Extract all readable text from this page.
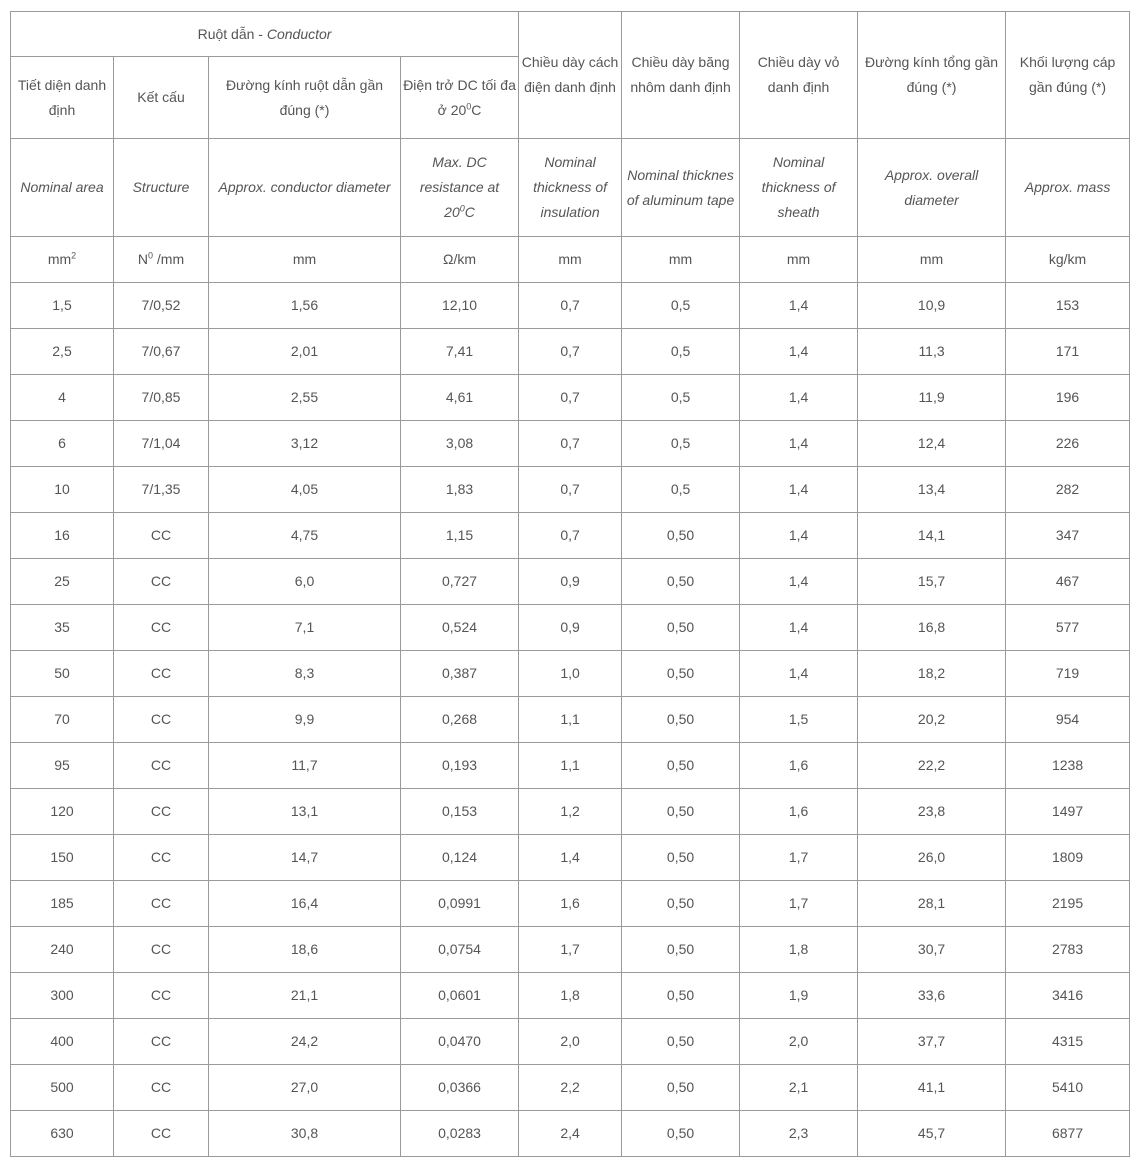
Ruột dẫn - Conductor				Chiều dày cách điện danh định	Chiều dày băng nhôm danh định	Chiều dày vỏ danh định	Đường kính tổng gần đúng (*)	Khối lượng cáp gần đúng (*)
Tiết diện danh định	Kết cấu	Đường kính ruột dẫn gần đúng (*)	Điện trở DC tối đa ở $20^0C$					
Nominal area	Structure	Approx. conductor diameter	Max. DC resistance at $20^0C$	Nominal thickness of insulation	Nominal thicknes of aluminum tape	Nominal thickness of sheath	Approx. overall diameter	Approx. mass
$mm^2$	$N^0$ /mm	mm	Ω/km	mm	mm	mm	mm	kg/km
1,5	7/0,52	1,56	12,10	0,7	0,5	1,4	10,9	153
2,5	7/0,67	2,01	7,41	0,7	0,5	1,4	11,3	171
4	7/0,85	2,55	4,61	0,7	0,5	1,4	11,9	196
6	7/1,04	3,12	3,08	0,7	0,5	1,4	12,4	226
10	7/1,35	4,05	1,83	0,7	0,5	1,4	13,4	282
16	CC	4,75	1,15	0,7	0,50	1,4	14,1	347
25	CC	6,0	0,727	0,9	0,50	1,4	15,7	467
35	CC	7,1	0,524	0,9	0,50	1,4	16,8	577
50	CC	8,3	0,387	1,0	0,50	1,4	18,2	719
70	CC	9,9	0,268	1,1	0,50	1,5	20,2	954
95	CC	11,7	0,193	1,1	0,50	1,6	22,2	1238
120	CC	13,1	0,153	1,2	0,50	1,6	23,8	1497
150	CC	14,7	0,124	1,4	0,50	1,7	26,0	1809
185	CC	16,4	0,0991	1,6	0,50	1,7	28,1	2195
240	CC	18,6	0,0754	1,7	0,50	1,8	30,7	2783
300	CC	21,1	0,0601	1,8	0,50	1,9	33,6	3416
400	CC	24,2	0,0470	2,0	0,50	2,0	37,7	4315
500	CC	27,0	0,0366	2,2	0,50	2,1	41,1	5410
630	CC	30,8	0,0283	2,4	0,50	2,3	45,7	6877
